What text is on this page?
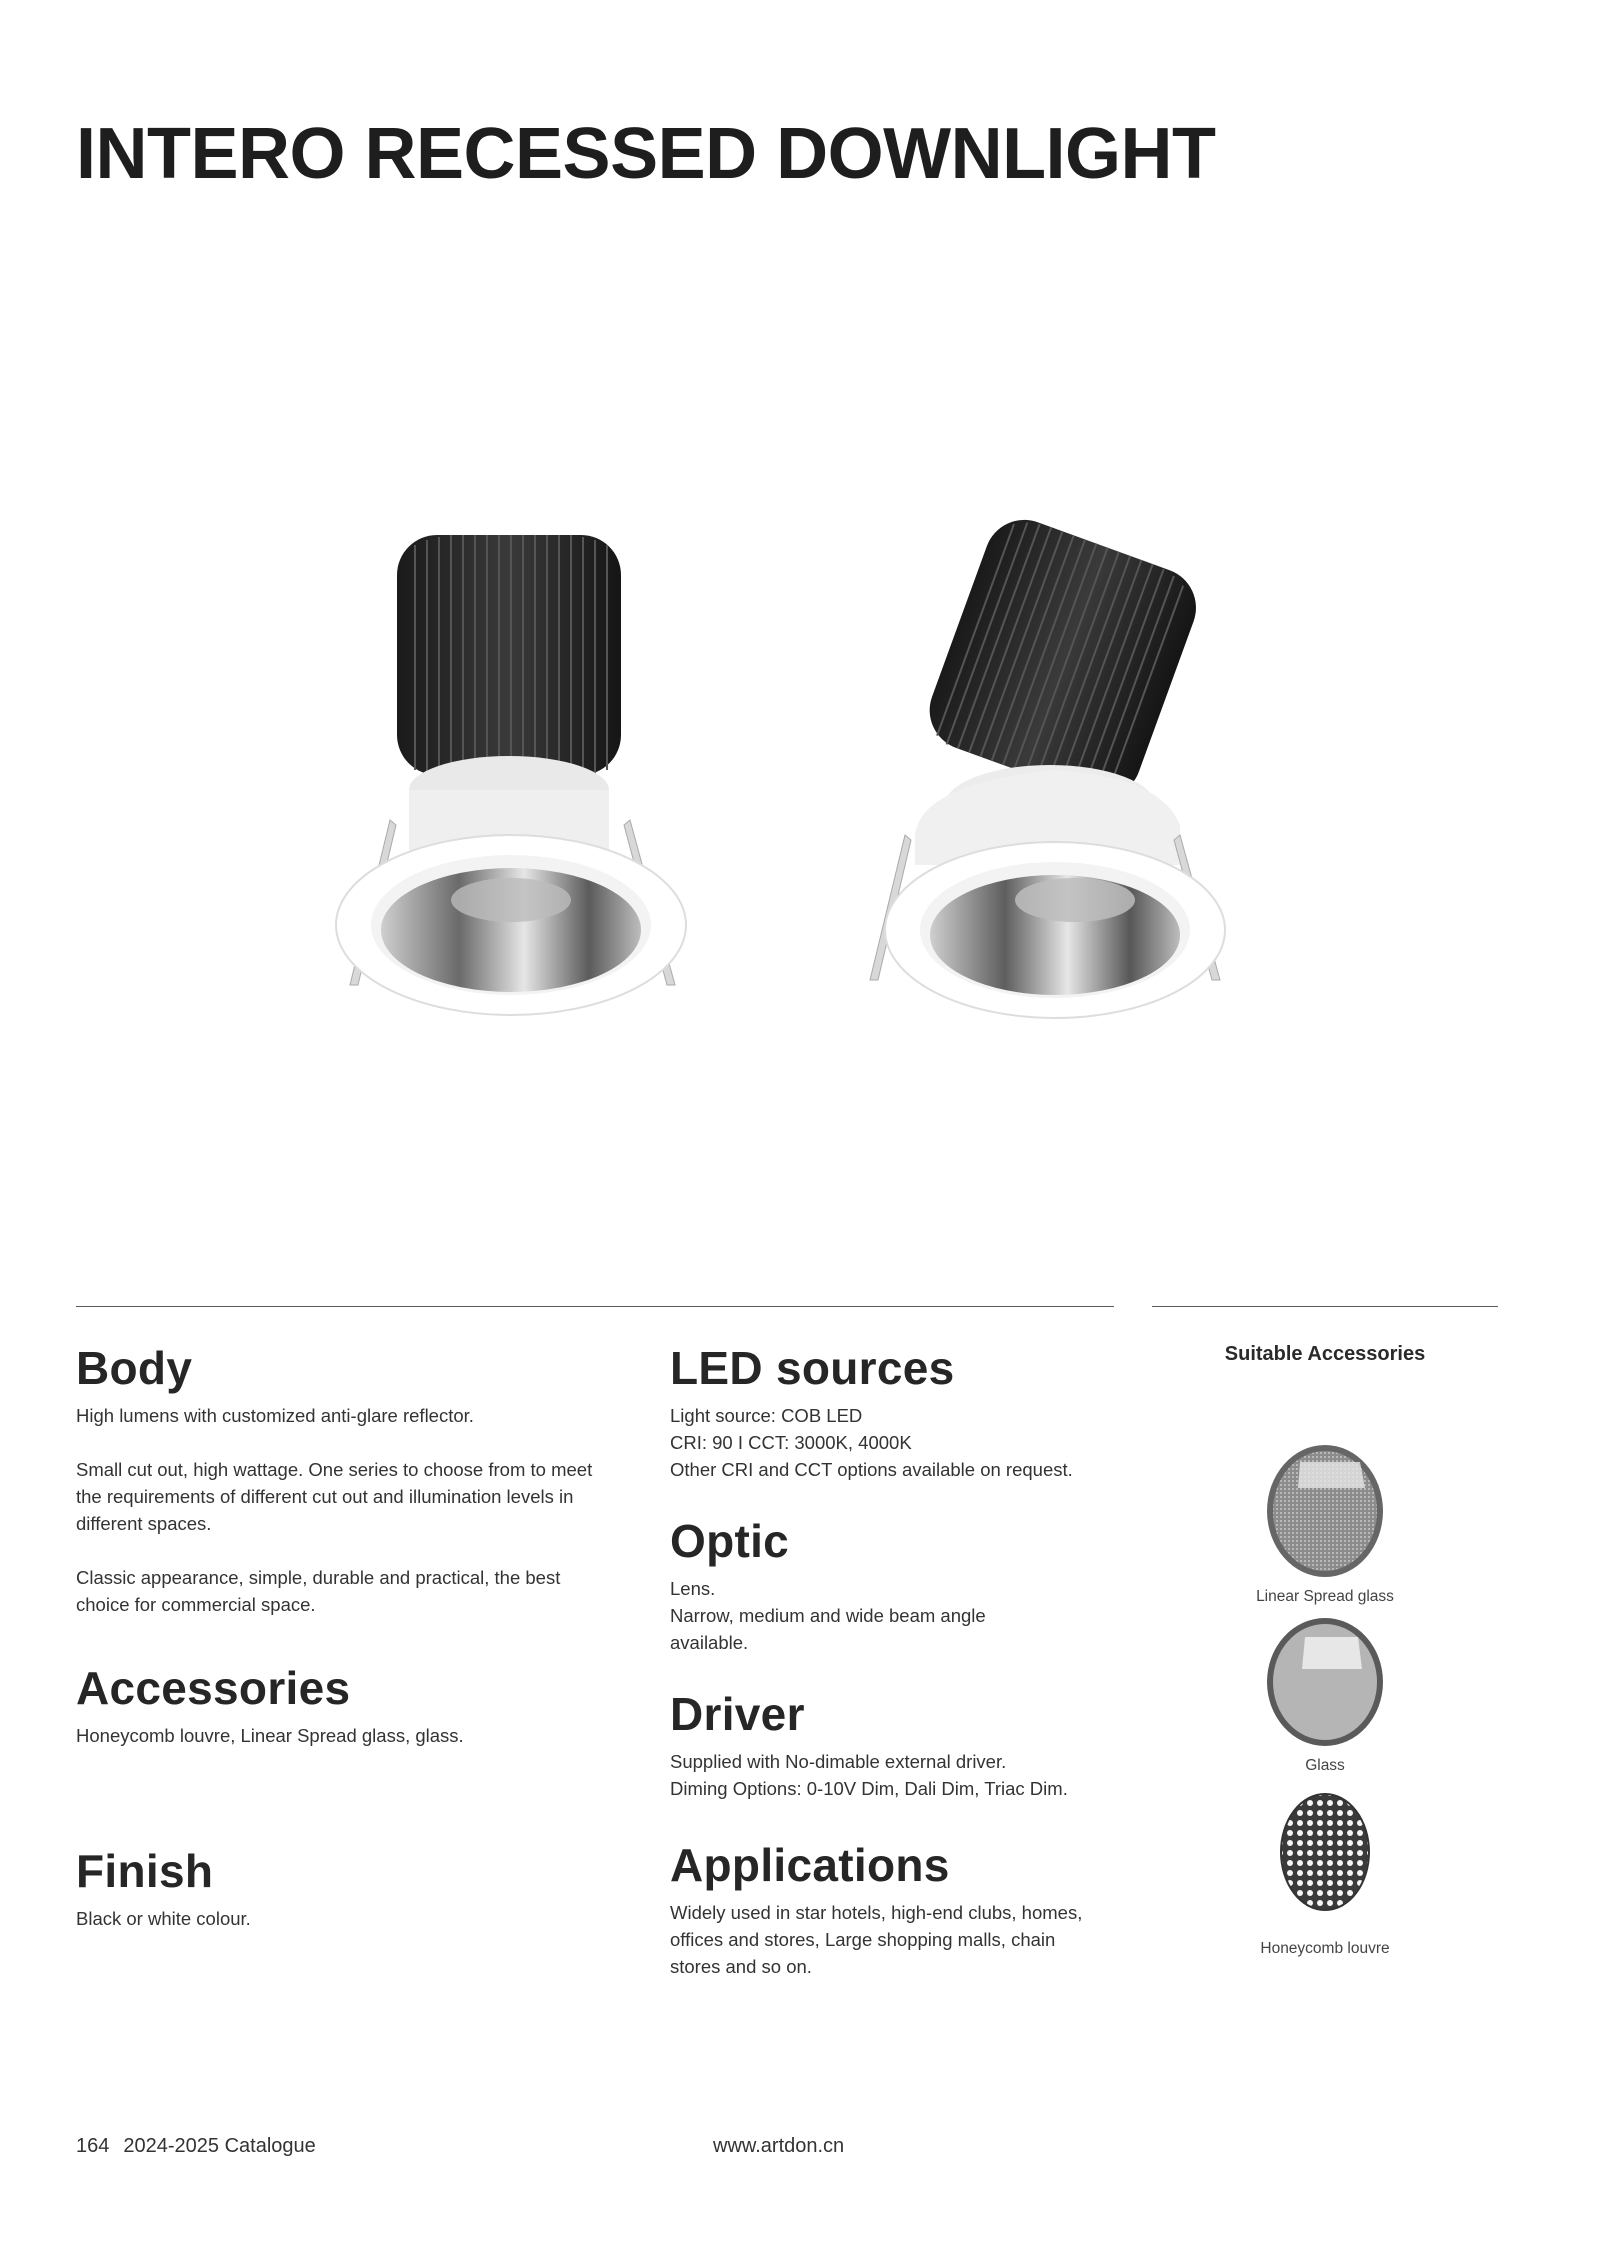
INTERO RECESSED DOWNLIGHT
Body

High lumens with customized anti-glare reflector.

Small cut out, high wattage. One series to choose from to meet the requirements of different cut out and illumination levels in different spaces.

Classic appearance, simple, durable and practical, the best choice for commercial space.

Accessories

Honeycomb louvre, Linear Spread glass, glass.

Finish

Black or white colour.

LED sources
Light source: COB LED
CRI: 90 I CCT: 3000K, 4000K
Other CRI and CCT options available on request.
Optic
Lens.
Narrow, medium and wide beam angle available.
Driver
Supplied with No-dimable external driver.
Diming Options: 0-10V Dim, Dali Dim, Triac Dim.
Applications

Widely used in star hotels, high-end clubs, homes, offices and stores, Large shopping malls, chain stores and so on.

Suitable Accessories
Linear Spread glass
Glass
Honeycomb louvre
164 2024-2025 Catalogue	www.artdon.cn
